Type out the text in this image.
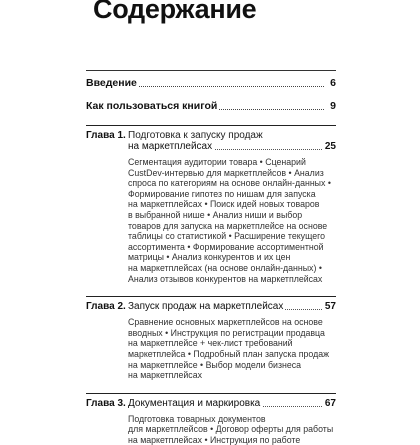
Содержание
Введение	6
Как пользоваться книгой	9
Глава 1. Подготовка к запуску продаж
на маркетплейсах	25
Сегментация аудитории товара • Сценарий
CustDev-интервью для маркетплейсов • Анализ
спроса по категориям на основе онлайн-данных •
Формирование гипотез по нишам для запуска
на маркетплейсах • Поиск идей новых товаров
в выбранной нише • Анализ ниши и выбор
товаров для запуска на маркетплейсе на основе
таблицы со статистикой • Расширение текущего
ассортимента • Формирование ассортиментной
матрицы • Анализ конкурентов и их цен
на маркетплейсах (на основе онлайн-данных) •
Анализ отзывов конкурентов на маркетплейсах
Глава 2. Запуск продаж на маркетплейсах	57
Сравнение основных маркетплейсов на основе
вводных • Инструкция по регистрации продавца
на маркетплейсе + чек-лист требований
маркетплейса • Подробный план запуска продаж
на маркетплейсе • Выбор модели бизнеса
на маркетплейсах
Глава 3. Документация и маркировка	67
Подготовка товарных документов
для маркетплейсов • Договор оферты для работы
на маркетплейсах • Инструкция по работе
